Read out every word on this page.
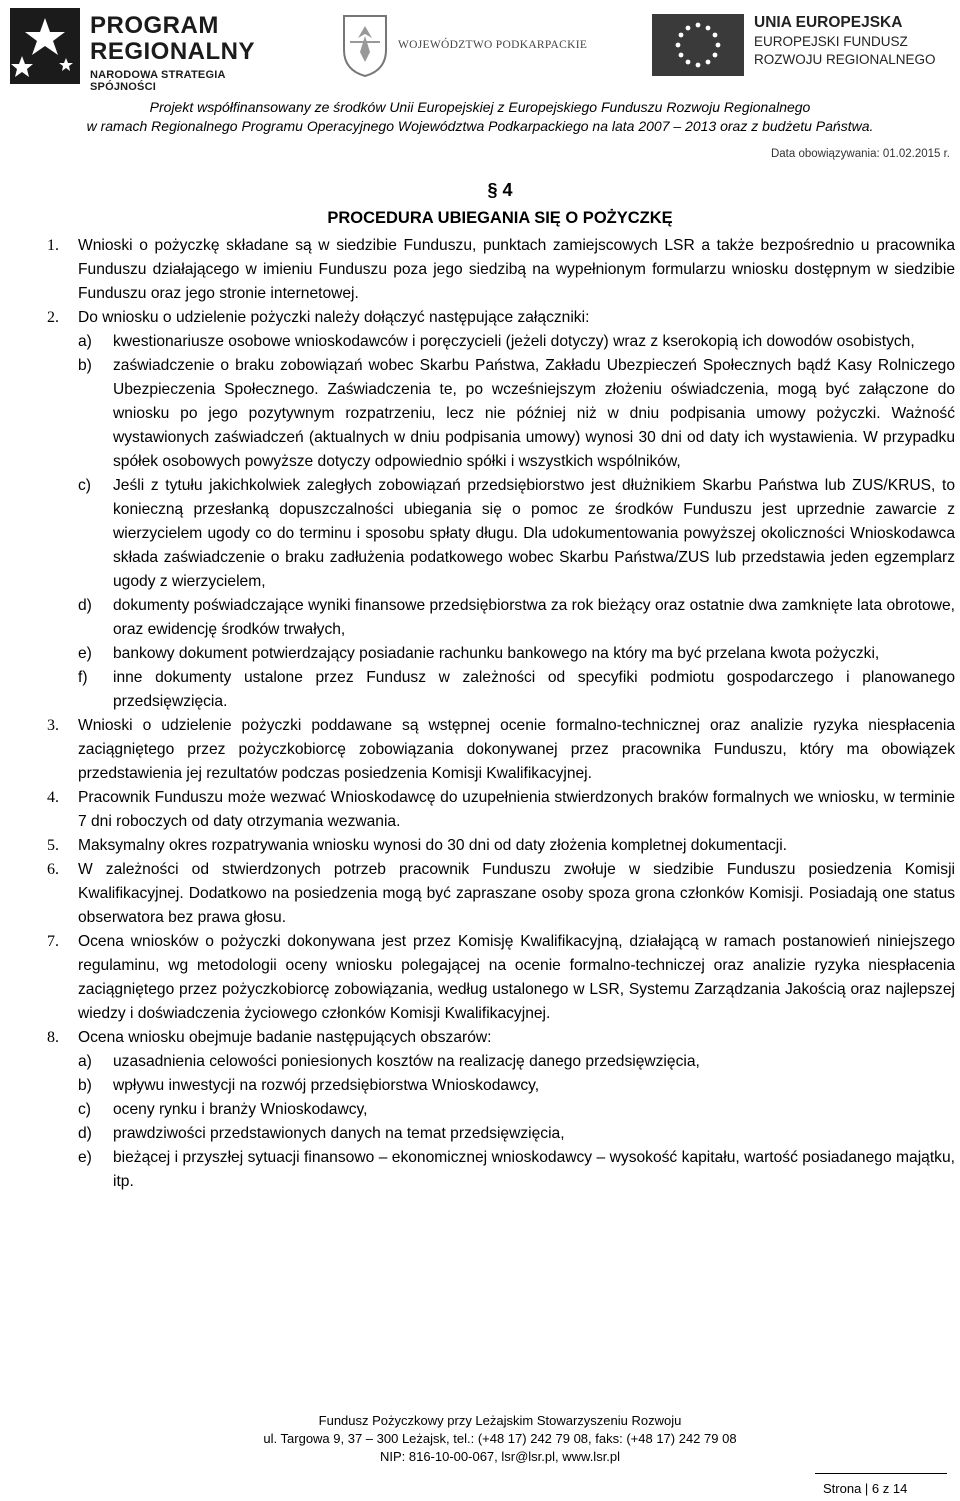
PROGRAM
REGIONALNY
NARODOWA STRATEGIA SPÓJNOŚCI
WOJEWÓDZTWO PODKARPACKIE
UNIA EUROPEJSKA
EUROPEJSKI FUNDUSZ
ROZWOJU REGIONALNEGO
Projekt współfinansowany ze środków Unii Europejskiej z Europejskiego Funduszu Rozwoju Regionalnego
w ramach Regionalnego Programu Operacyjnego Województwa Podkarpackiego na lata 2007 – 2013 oraz z budżetu Państwa.
Data obowiązywania: 01.02.2015 r.
§ 4
PROCEDURA UBIEGANIA SIĘ O POŻYCZKĘ
1.	Wnioski o pożyczkę składane są w siedzibie Funduszu, punktach zamiejscowych LSR a także bezpośrednio u pracownika Funduszu działającego w imieniu Funduszu poza jego siedzibą na wypełnionym formularzu wniosku dostępnym w siedzibie Funduszu oraz jego stronie internetowej.
2.	Do wniosku o udzielenie pożyczki należy dołączyć następujące załączniki:
a)	kwestionariusze osobowe wnioskodawców i poręczycieli (jeżeli dotyczy) wraz z kserokopią ich dowodów osobistych,
b)	zaświadczenie o braku zobowiązań wobec Skarbu Państwa, Zakładu Ubezpieczeń Społecznych bądź Kasy Rolniczego Ubezpieczenia Społecznego. Zaświadczenia te, po wcześniejszym złożeniu oświadczenia, mogą być załączone do wniosku po jego pozytywnym rozpatrzeniu, lecz nie później niż w dniu podpisania umowy pożyczki. Ważność wystawionych zaświadczeń (aktualnych w dniu podpisania umowy) wynosi 30 dni od daty ich wystawienia. W przypadku spółek osobowych powyższe dotyczy odpowiednio spółki i wszystkich wspólników,
c)	Jeśli z tytułu jakichkolwiek zaległych zobowiązań przedsiębiorstwo jest dłużnikiem Skarbu Państwa lub ZUS/KRUS, to konieczną przesłanką dopuszczalności ubiegania się o pomoc ze środków Funduszu jest uprzednie zawarcie z wierzycielem ugody co do terminu i sposobu spłaty długu. Dla udokumentowania powyższej okoliczności Wnioskodawca składa zaświadczenie o braku zadłużenia podatkowego wobec Skarbu Państwa/ZUS lub przedstawia jeden egzemplarz ugody z wierzycielem,
d)	dokumenty poświadczające wyniki finansowe przedsiębiorstwa za rok bieżący oraz ostatnie dwa zamknięte lata obrotowe, oraz ewidencję środków trwałych,
e)	bankowy dokument potwierdzający posiadanie rachunku bankowego na który ma być przelana kwota pożyczki,
f)	inne dokumenty ustalone przez Fundusz w zależności od specyfiki podmiotu gospodarczego i planowanego przedsięwzięcia.
3.	Wnioski o udzielenie pożyczki poddawane są wstępnej ocenie formalno-technicznej oraz analizie ryzyka niespłacenia zaciągniętego przez pożyczkobiorcę zobowiązania dokonywanej przez pracownika Funduszu, który ma obowiązek przedstawienia jej rezultatów podczas posiedzenia Komisji Kwalifikacyjnej.
4.	Pracownik Funduszu może wezwać Wnioskodawcę do uzupełnienia stwierdzonych braków formalnych we wniosku, w terminie 7 dni roboczych od daty otrzymania wezwania.
5.	Maksymalny okres rozpatrywania wniosku wynosi do 30 dni od daty złożenia kompletnej dokumentacji.
6.	W zależności od stwierdzonych potrzeb pracownik Funduszu zwołuje w siedzibie Funduszu posiedzenia Komisji Kwalifikacyjnej. Dodatkowo na posiedzenia mogą być zapraszane osoby spoza grona członków Komisji. Posiadają one status obserwatora bez prawa głosu.
7.	Ocena wniosków o pożyczki dokonywana jest przez Komisję Kwalifikacyjną, działającą w ramach postanowień niniejszego regulaminu, wg metodologii oceny wniosku polegającej na ocenie formalno-techniczej oraz analizie ryzyka niespłacenia zaciągniętego przez pożyczkobiorcę zobowiązania, według ustalonego w LSR, Systemu Zarządzania Jakością oraz najlepszej wiedzy i doświadczenia życiowego członków Komisji Kwalifikacyjnej.
8.	Ocena wniosku obejmuje badanie następujących obszarów:
a)	uzasadnienia celowości poniesionych kosztów na realizację danego przedsięwzięcia,
b)	wpływu inwestycji na rozwój przedsiębiorstwa Wnioskodawcy,
c)	oceny rynku i branży Wnioskodawcy,
d)	prawdziwości przedstawionych danych na temat przedsięwzięcia,
e)	bieżącej i przyszłej sytuacji finansowo – ekonomicznej wnioskodawcy – wysokość kapitału, wartość posiadanego majątku, itp.
Fundusz Pożyczkowy przy Leżajskim Stowarzyszeniu Rozwoju
ul. Targowa 9, 37 – 300 Leżajsk, tel.: (+48 17) 242 79 08, faks: (+48 17) 242 79 08
NIP: 816-10-00-067, lsr@lsr.pl, www.lsr.pl
Strona | 6 z 14
